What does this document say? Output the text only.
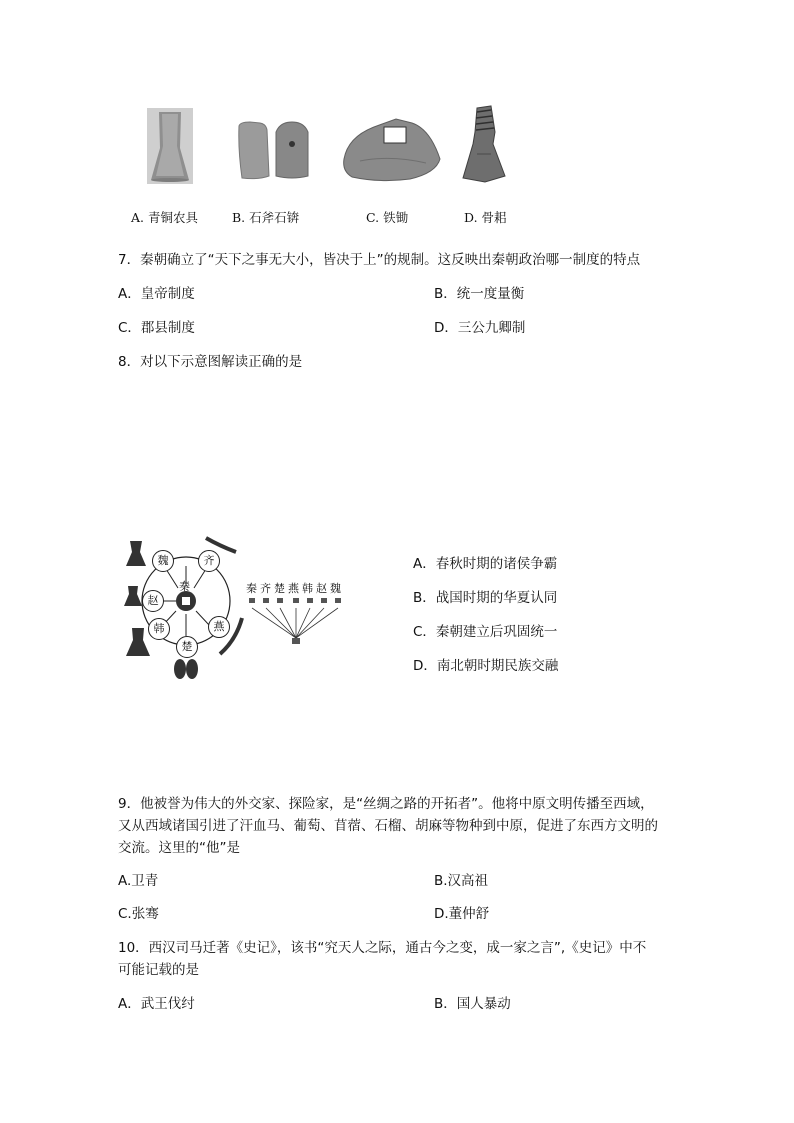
A. 青铜农具	B. 石斧石锛	C. 铁锄	D. 骨耜
7．秦朝确立了“天下之事无大小，皆决于上”的规制。这反映出秦朝政治哪一制度的特点
A．皇帝制度	B．统一度量衡
C．郡县制度	D．三公九卿制
8．对以下示意图解读正确的是
魏	齐
赵
秦
燕
韩
楚
秦齐楚燕韩赵魏
A．春秋时期的诸侯争霸
B．战国时期的华夏认同
C．秦朝建立后巩固统一
D．南北朝时期民族交融
9．他被誉为伟大的外交家、探险家，是“丝绸之路的开拓者”。他将中原文明传播至西域，
又从西域诸国引进了汗血马、葡萄、苜蓿、石榴、胡麻等物种到中原，促进了东西方文明的
交流。这里的“他”是
A.卫青	B.汉高祖
C.张骞	D.董仲舒
10．西汉司马迁著《史记》，该书“究天人之际，通古今之变，成一家之言”,《史记》中不
可能记载的是
A．武王伐纣	B．国人暴动
